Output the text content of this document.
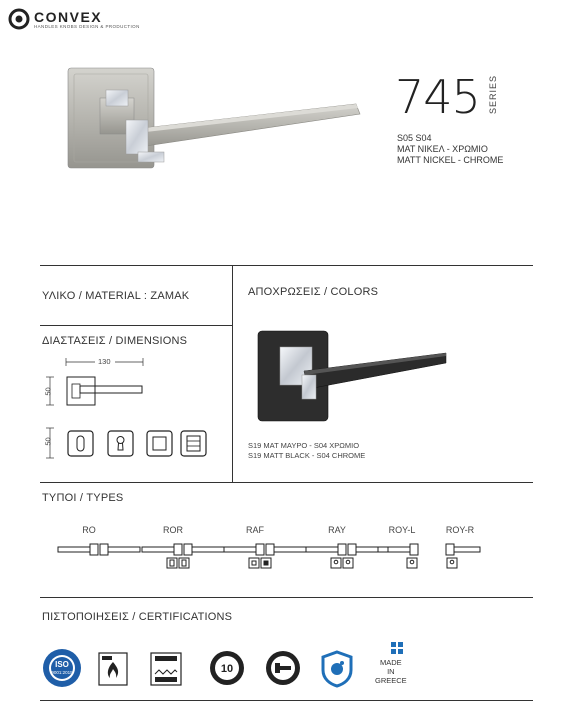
CONVEX
HANDLES KNOBS DESIGN & PRODUCTION
745 SERIES
S05 S04
ΜΑΤ ΝΙΚΕΛ - ΧΡΩΜΙΟ
MATT NICKEL - CHROME
ΥΛΙΚΟ / MATERIAL : ZAMAK
ΔΙΑΣΤΑΣΕΙΣ / DIMENSIONS
130
50
50
ΑΠΟΧΡΩΣΕΙΣ / COLORS
S19 MAT ΜΑΥΡΟ - S04 ΧΡΩΜΙΟ
S19 MATT BLACK - S04 CHROME
ΤΥΠΟΙ / TYPES
RO	ROR	RAF	RAY	ROY-L	ROY-R
ΠΙΣΤΟΠΟΙΗΣΕΙΣ / CERTIFICATIONS
ISO
9001:2015	10
MADE
IN
GREECE
